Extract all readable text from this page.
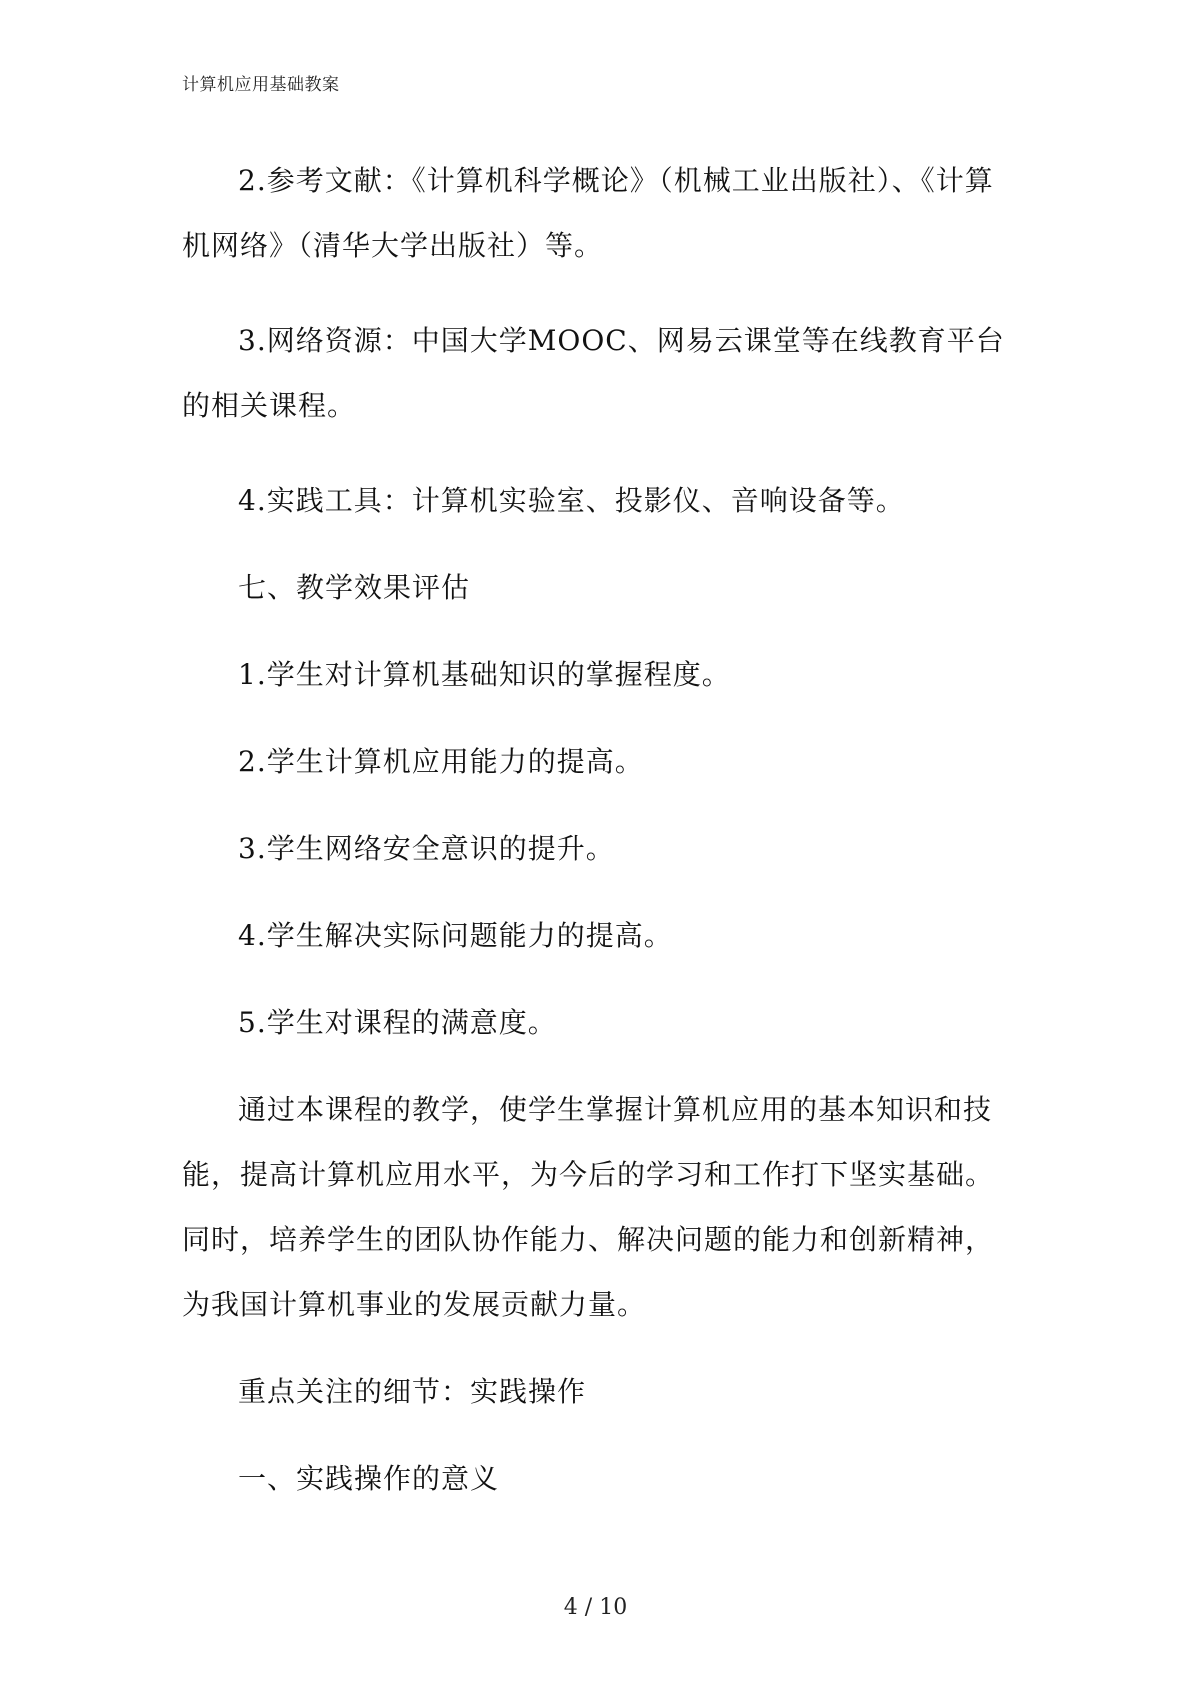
计算机应用基础教案

2.参考文献：《计算机科学概论》（机械工业出版社）、《计算机网络》（清华大学出版社）等。

3.网络资源：中国大学MOOC、网易云课堂等在线教育平台的相关课程。

4.实践工具：计算机实验室、投影仪、音响设备等。

七、教学效果评估

1.学生对计算机基础知识的掌握程度。

2.学生计算机应用能力的提高。

3.学生网络安全意识的提升。

4.学生解决实际问题能力的提高。

5.学生对课程的满意度。

通过本课程的教学，使学生掌握计算机应用的基本知识和技能，提高计算机应用水平，为今后的学习和工作打下坚实基础。同时，培养学生的团队协作能力、解决问题的能力和创新精神，为我国计算机事业的发展贡献力量。

重点关注的细节：实践操作

一、实践操作的意义

4 / 10
